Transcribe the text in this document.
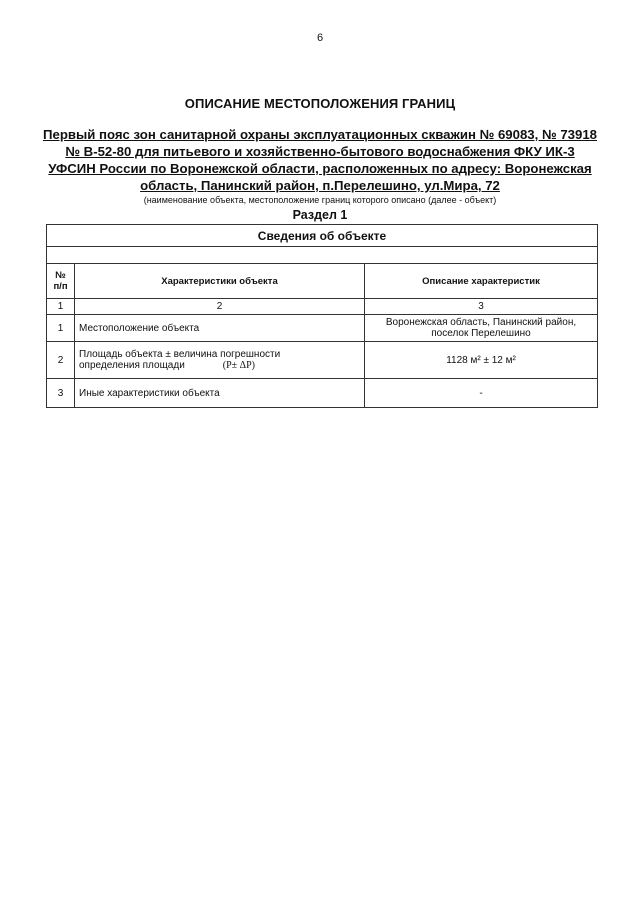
6
ОПИСАНИЕ МЕСТОПОЛОЖЕНИЯ ГРАНИЦ
Первый пояс зон санитарной охраны эксплуатационных скважин № 69083, № 73918
№ В-52-80 для питьевого и хозяйственно-бытового водоснабжения ФКУ ИК-3
УФСИН России по Воронежской области, расположенных по адресу: Воронежская
область, Панинский район, п.Перелешино, ул.Мира, 72
(наименование объекта, местоположение границ которого описано (далее - объект)
Раздел 1
Сведения об объекте		

№ п/п	Характеристики объекта	Описание характеристик
1	2	3
1	Местоположение объекта	Воронежская область, Панинский район, поселок Перелешино
2	Площадь объекта ± величина погрешности
определения площади (P± ΔP)	1128 м² ± 12 м²
3	Иные характеристики объекта	-
